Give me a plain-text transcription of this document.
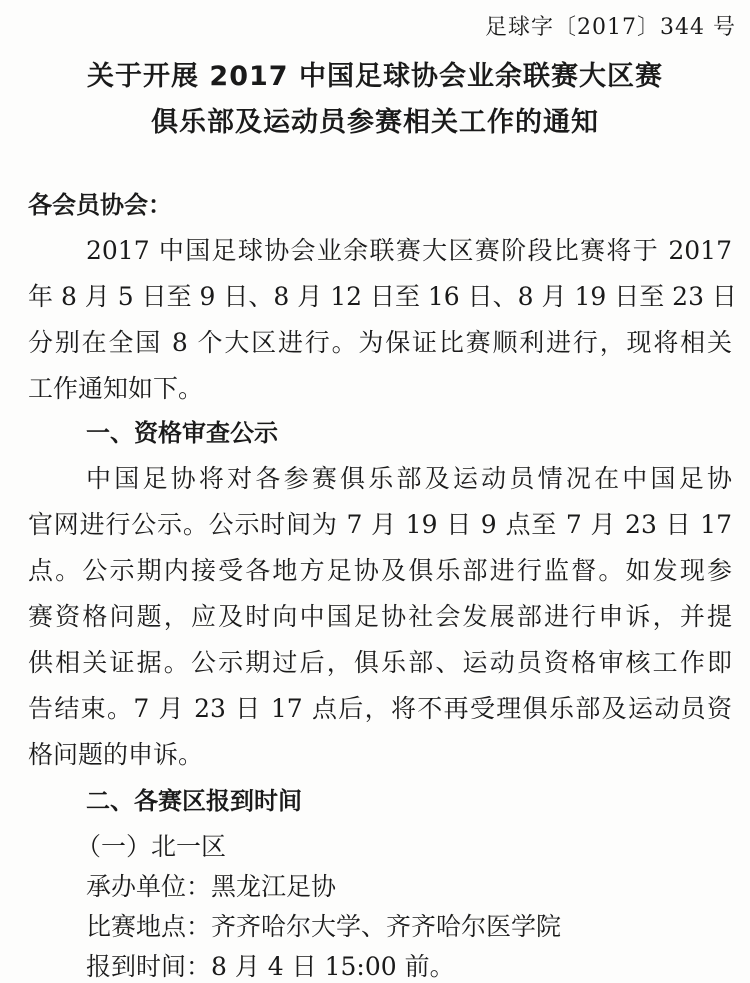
足球字〔2017〕344 号
关于开展 2017 中国足球协会业余联赛大区赛
俱乐部及运动员参赛相关工作的通知
各会员协会：
2017 中国足球协会业余联赛大区赛阶段比赛将于 2017
年 8 月 5 日至 9 日、8 月 12 日至 16 日、8 月 19 日至 23 日
分别在全国 8 个大区进行。为保证比赛顺利进行，现将相关
工作通知如下。
一、资格审查公示
中国足协将对各参赛俱乐部及运动员情况在中国足协
官网进行公示。公示时间为 7 月 19 日 9 点至 7 月 23 日 17
点。公示期内接受各地方足协及俱乐部进行监督。如发现参
赛资格问题，应及时向中国足协社会发展部进行申诉，并提
供相关证据。公示期过后，俱乐部、运动员资格审核工作即
告结束。7 月 23 日 17 点后，将不再受理俱乐部及运动员资
格问题的申诉。
二、各赛区报到时间
（一）北一区
承办单位：黑龙江足协
比赛地点：齐齐哈尔大学、齐齐哈尔医学院
报到时间：8 月 4 日 15:00 前。
